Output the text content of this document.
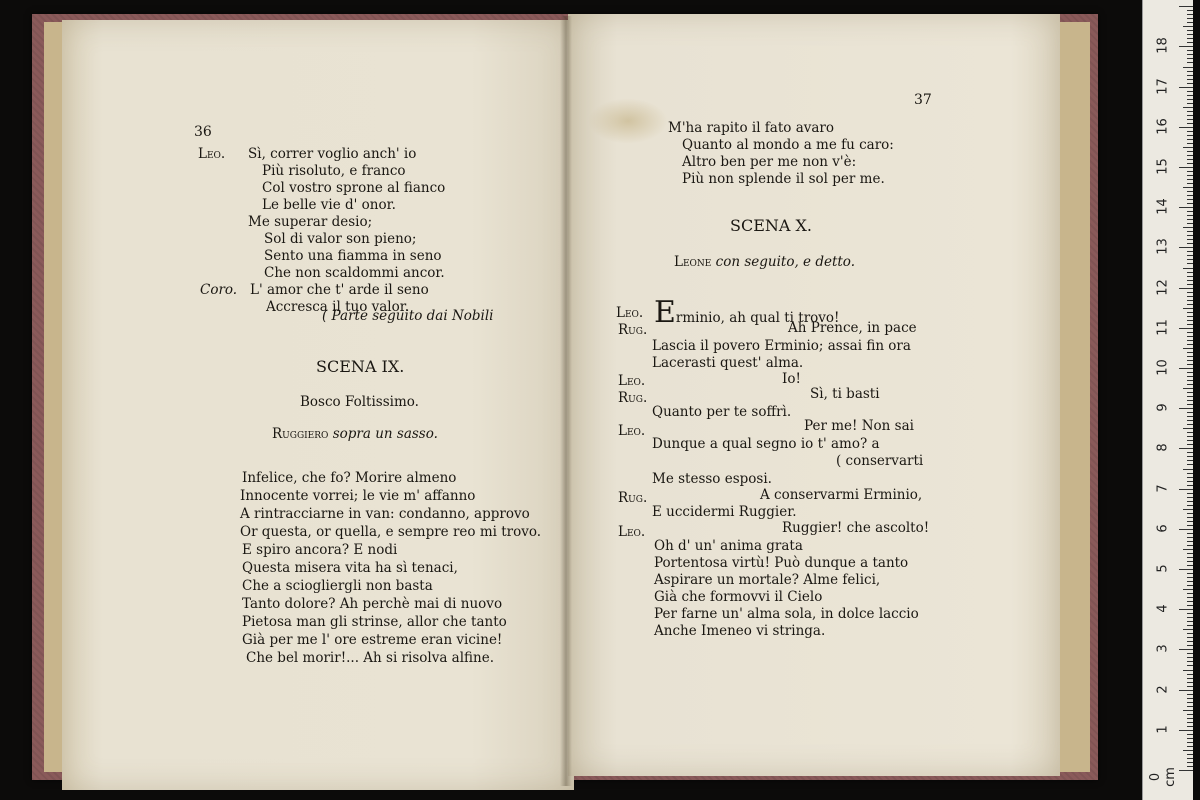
36
Leo. Sì, correr voglio anch' io
Più risoluto, e franco
Col vostro sprone al fianco
Le belle vie d' onor.
Me superar desio;
Sol di valor son pieno;
Sento una fiamma in seno
Che non scaldommi ancor.
Coro. L' amor che t' arde il seno
Accresca il tuo valor.
( Parte seguito dai Nobili
SCENA IX.
Bosco Foltissimo.
Ruggiero sopra un sasso.
Infelice, che fo? Morire almeno
Innocente vorrei; le vie m' affanno
A rintracciarne in van: condanno, approvo
Or questa, or quella, e sempre reo mi trovo.
E spiro ancora? E nodi
Questa misera vita ha sì tenaci,
Che a sciogliergli non basta
Tanto dolore? Ah perchè mai di nuovo
Pietosa man gli strinse, allor che tanto
Già per me l' ore estreme eran vicine!
Che bel morir!... Ah si risolva alfine.
37
M'ha rapito il fato avaro
Quanto al mondo a me fu caro:
Altro ben per me non v'è:
Più non splende il sol per me.
SCENA X.
Leone con seguito, e detto.
Leo. Erminio, ah qual ti trovo!
Rug.	Ah Prence, in pace
Lascia il povero Erminio; assai fin ora
Lacerasti quest' alma.
Leo.	Io!
Rug.	Sì, ti basti
Quanto per te soffrì.
Leo.	Per me! Non sai
Dunque a qual segno io t' amo? a
( conservarti
Me stesso esposi.
Rug.	A conservarmi Erminio,
E uccidermi Ruggier.
Leo.	Ruggier! che ascolto!
Oh d' un' anima grata
Portentosa virtù! Può dunque a tanto
Aspirare un mortale? Alme felici,
Già che formovvi il Cielo
Per farne un' alma sola, in dolce laccio
Anche Imeneo vi stringa.
0 cm
1
2
3
4
5
6
7
8
9
10
11
12
13
14
15
16
17
18
